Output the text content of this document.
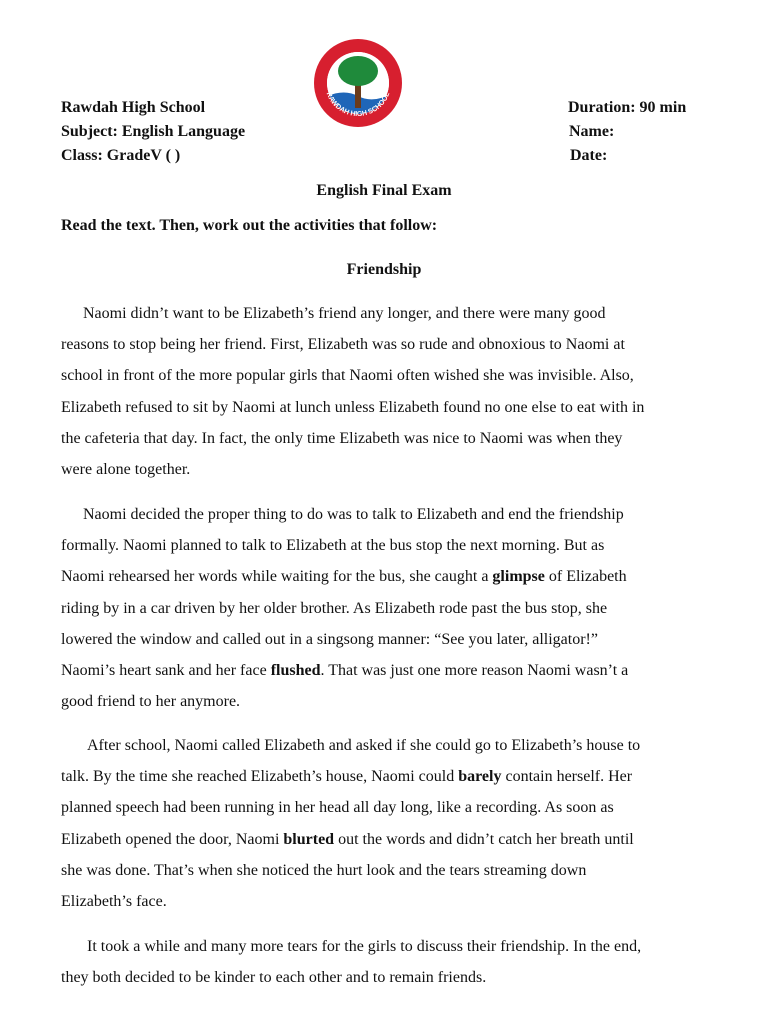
RAWDAH HIGH SCHOOL
Rawdah High School
Subject: English Language
Class: GradeV ( )
Duration: 90 min
Name:
Date:
English Final Exam
Read the text. Then, work out the activities that follow:
Friendship

Naomi didn’t want to be Elizabeth’s friend any longer, and there were many good

reasons to stop being her friend. First, Elizabeth was so rude and obnoxious to Naomi at

school in front of the more popular girls that Naomi often wished she was invisible. Also,

Elizabeth refused to sit by Naomi at lunch unless Elizabeth found no one else to eat with in

the cafeteria that day. In fact, the only time Elizabeth was nice to Naomi was when they

were alone together.

Naomi decided the proper thing to do was to talk to Elizabeth and end the friendship

formally. Naomi planned to talk to Elizabeth at the bus stop the next morning. But as

Naomi rehearsed her words while waiting for the bus, she caught a glimpse of Elizabeth

riding by in a car driven by her older brother. As Elizabeth rode past the bus stop, she

lowered the window and called out in a singsong manner: “See you later, alligator!”

Naomi’s heart sank and her face flushed. That was just one more reason Naomi wasn’t a

good friend to her anymore.

After school, Naomi called Elizabeth and asked if she could go to Elizabeth’s house to

talk. By the time she reached Elizabeth’s house, Naomi could barely contain herself. Her

planned speech had been running in her head all day long, like a recording. As soon as

Elizabeth opened the door, Naomi blurted out the words and didn’t catch her breath until

she was done. That’s when she noticed the hurt look and the tears streaming down

Elizabeth’s face.

It took a while and many more tears for the girls to discuss their friendship. In the end,

they both decided to be kinder to each other and to remain friends.
